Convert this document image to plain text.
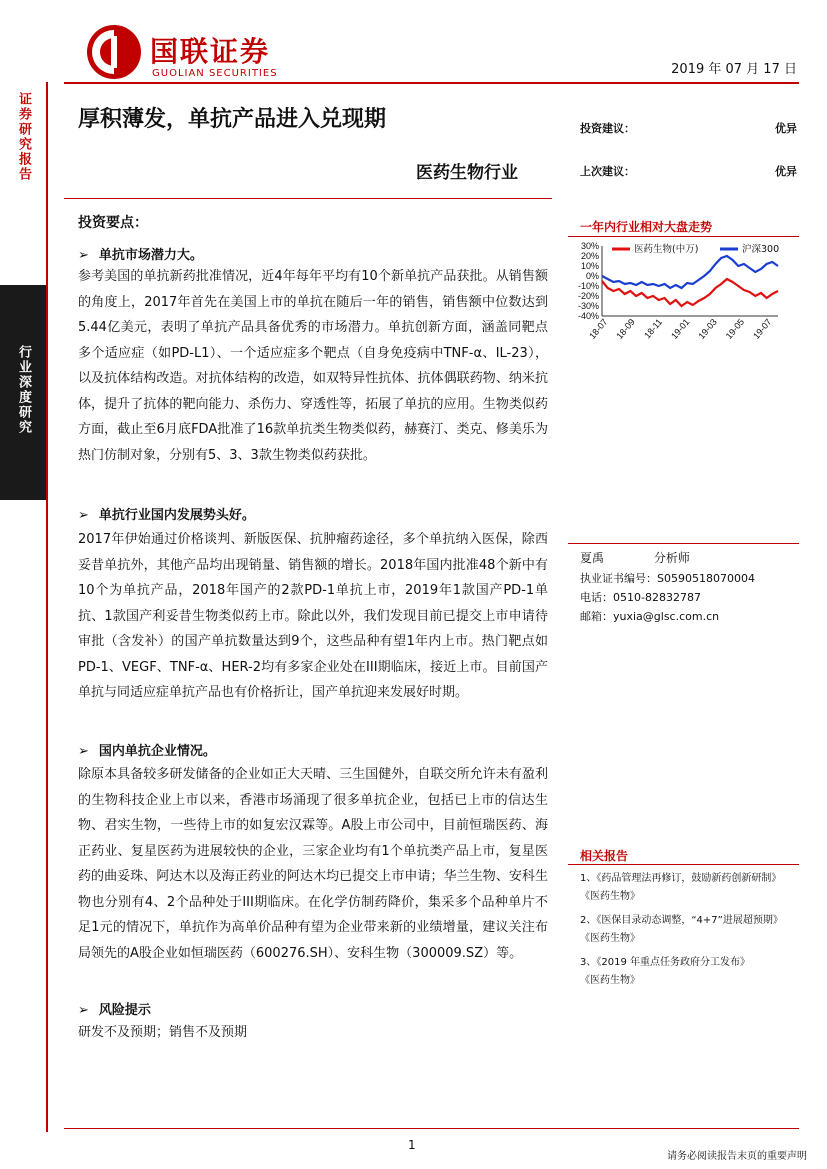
证券研究报告
行业深度研究
国联证券
GUOLIAN SECURITIES	2019 年 07 月 17 日
厚积薄发，单抗产品进入兑现期
医药生物行业
投资建议：	优异
上次建议：	优异
投资要点：
➢ 单抗市场潜力大。
参考美国的单抗新药批准情况，近4年每年平均有10个新单抗产品获批。从销售额的角度上，2017年首先在美国上市的单抗在随后一年的销售，销售额中位数达到5.44亿美元，表明了单抗产品具备优秀的市场潜力。单抗创新方面，涵盖同靶点多个适应症（如PD-L1）、一个适应症多个靶点（自身免疫病中TNF-α、IL-23），以及抗体结构改造。对抗体结构的改造，如双特异性抗体、抗体偶联药物、纳米抗体，提升了抗体的靶向能力、杀伤力、穿透性等，拓展了单抗的应用。生物类似药方面，截止至6月底FDA批准了16款单抗类生物类似药，赫赛汀、类克、修美乐为热门仿制对象，分别有5、3、3款生物类似药获批。
➢ 单抗行业国内发展势头好。
2017年伊始通过价格谈判、新版医保、抗肿瘤药途径，多个单抗纳入医保，除西妥昔单抗外，其他产品均出现销量、销售额的增长。2018年国内批准48个新中有10个为单抗产品，2018年国产的2款PD-1单抗上市，2019年1款国产PD-1单抗、1款国产利妥昔生物类似药上市。除此以外，我们发现目前已提交上市申请待审批（含发补）的国产单抗数量达到9个，这些品种有望1年内上市。热门靶点如PD-1、VEGF、TNF-α、HER-2均有多家企业处在III期临床，接近上市。目前国产单抗与同适应症单抗产品也有价格折让，国产单抗迎来发展好时期。
➢ 国内单抗企业情况。
除原本具备较多研发储备的企业如正大天晴、三生国健外，自联交所允许未有盈利的生物科技企业上市以来，香港市场涌现了很多单抗企业，包括已上市的信达生物、君实生物，一些待上市的如复宏汉霖等。A股上市公司中，目前恒瑞医药、海正药业、复星医药为进展较快的企业，三家企业均有1个单抗类产品上市，复星医药的曲妥珠、阿达木以及海正药业的阿达木均已提交上市申请；华兰生物、安科生物也分别有4、2个品种处于III期临床。在化学仿制药降价，集采多个品种单片不足1元的情况下，单抗作为高单价品种有望为企业带来新的业绩增量，建议关注布局领先的A股企业如恒瑞医药（600276.SH）、安科生物（300009.SZ）等。
➢ 风险提示
研发不及预期；销售不及预期
一年内行业相对大盘走势
30%
20%
10%
0%
-10%
-20%
-30%
-40%
18-07 18-09 18-11 19-01 19-03 19-05 19-07
医药生物(中万)	沪深300
夏禹	分析师
执业证书编号：S0590518070004
电话：0510-82832787
邮箱：yuxia@glsc.com.cn
相关报告
1、《药品管理法再修订，鼓励新药创新研制》
《医药生物》
2、《医保目录动态调整，“4+7”进展超预期》
《医药生物》
3、《2019 年重点任务政府分工发布》
《医药生物》
1
请务必阅读报告末页的重要声明
